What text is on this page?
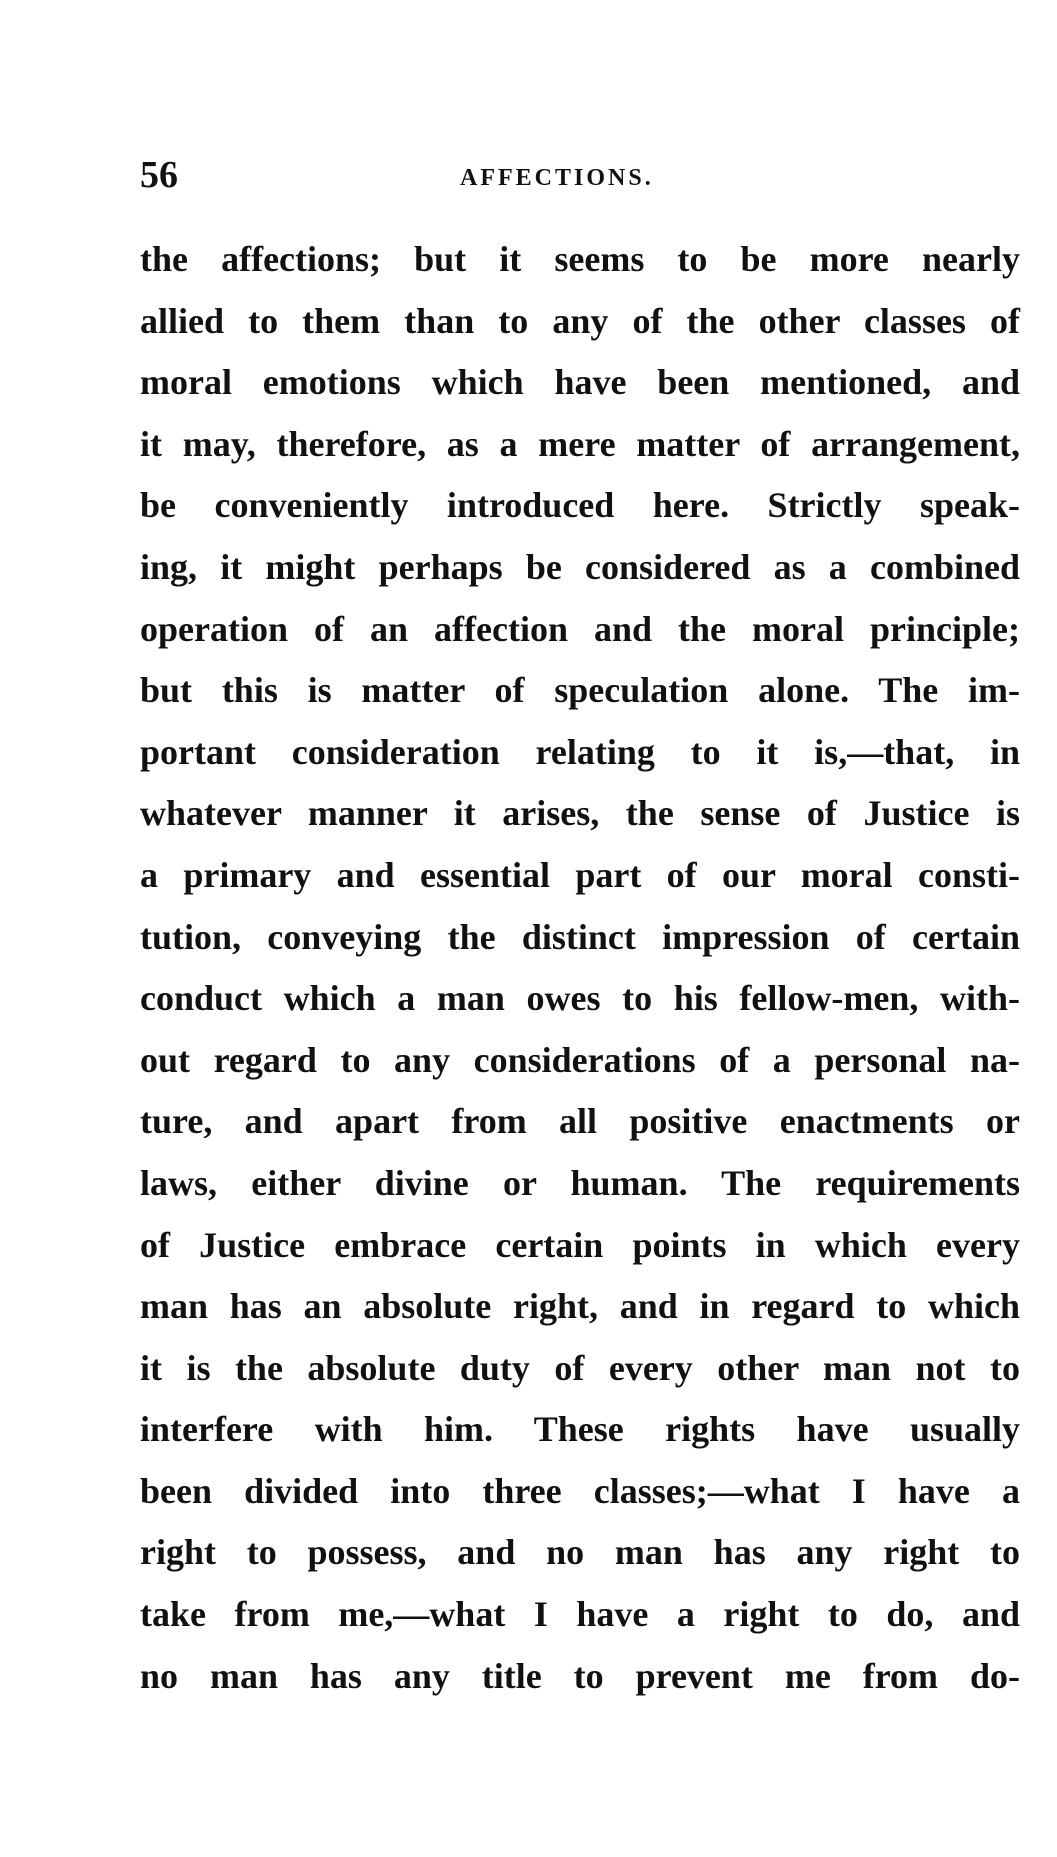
56	AFFECTIONS.
the affections; but it seems to be more nearly
allied to them than to any of the other classes of
moral emotions which have been mentioned, and
it may, therefore, as a mere matter of arrangement,
be conveniently introduced here. Strictly speak-
ing, it might perhaps be considered as a combined
operation of an affection and the moral principle;
but this is matter of speculation alone. The im-
portant consideration relating to it is,—that, in
whatever manner it arises, the sense of Justice is
a primary and essential part of our moral consti-
tution, conveying the distinct impression of certain
conduct which a man owes to his fellow-men, with-
out regard to any considerations of a personal na-
ture, and apart from all positive enactments or
laws, either divine or human. The requirements
of Justice embrace certain points in which every
man has an absolute right, and in regard to which
it is the absolute duty of every other man not to
interfere with him. These rights have usually
been divided into three classes;—what I have a
right to possess, and no man has any right to
take from me,—what I have a right to do, and
no man has any title to prevent me from do-
